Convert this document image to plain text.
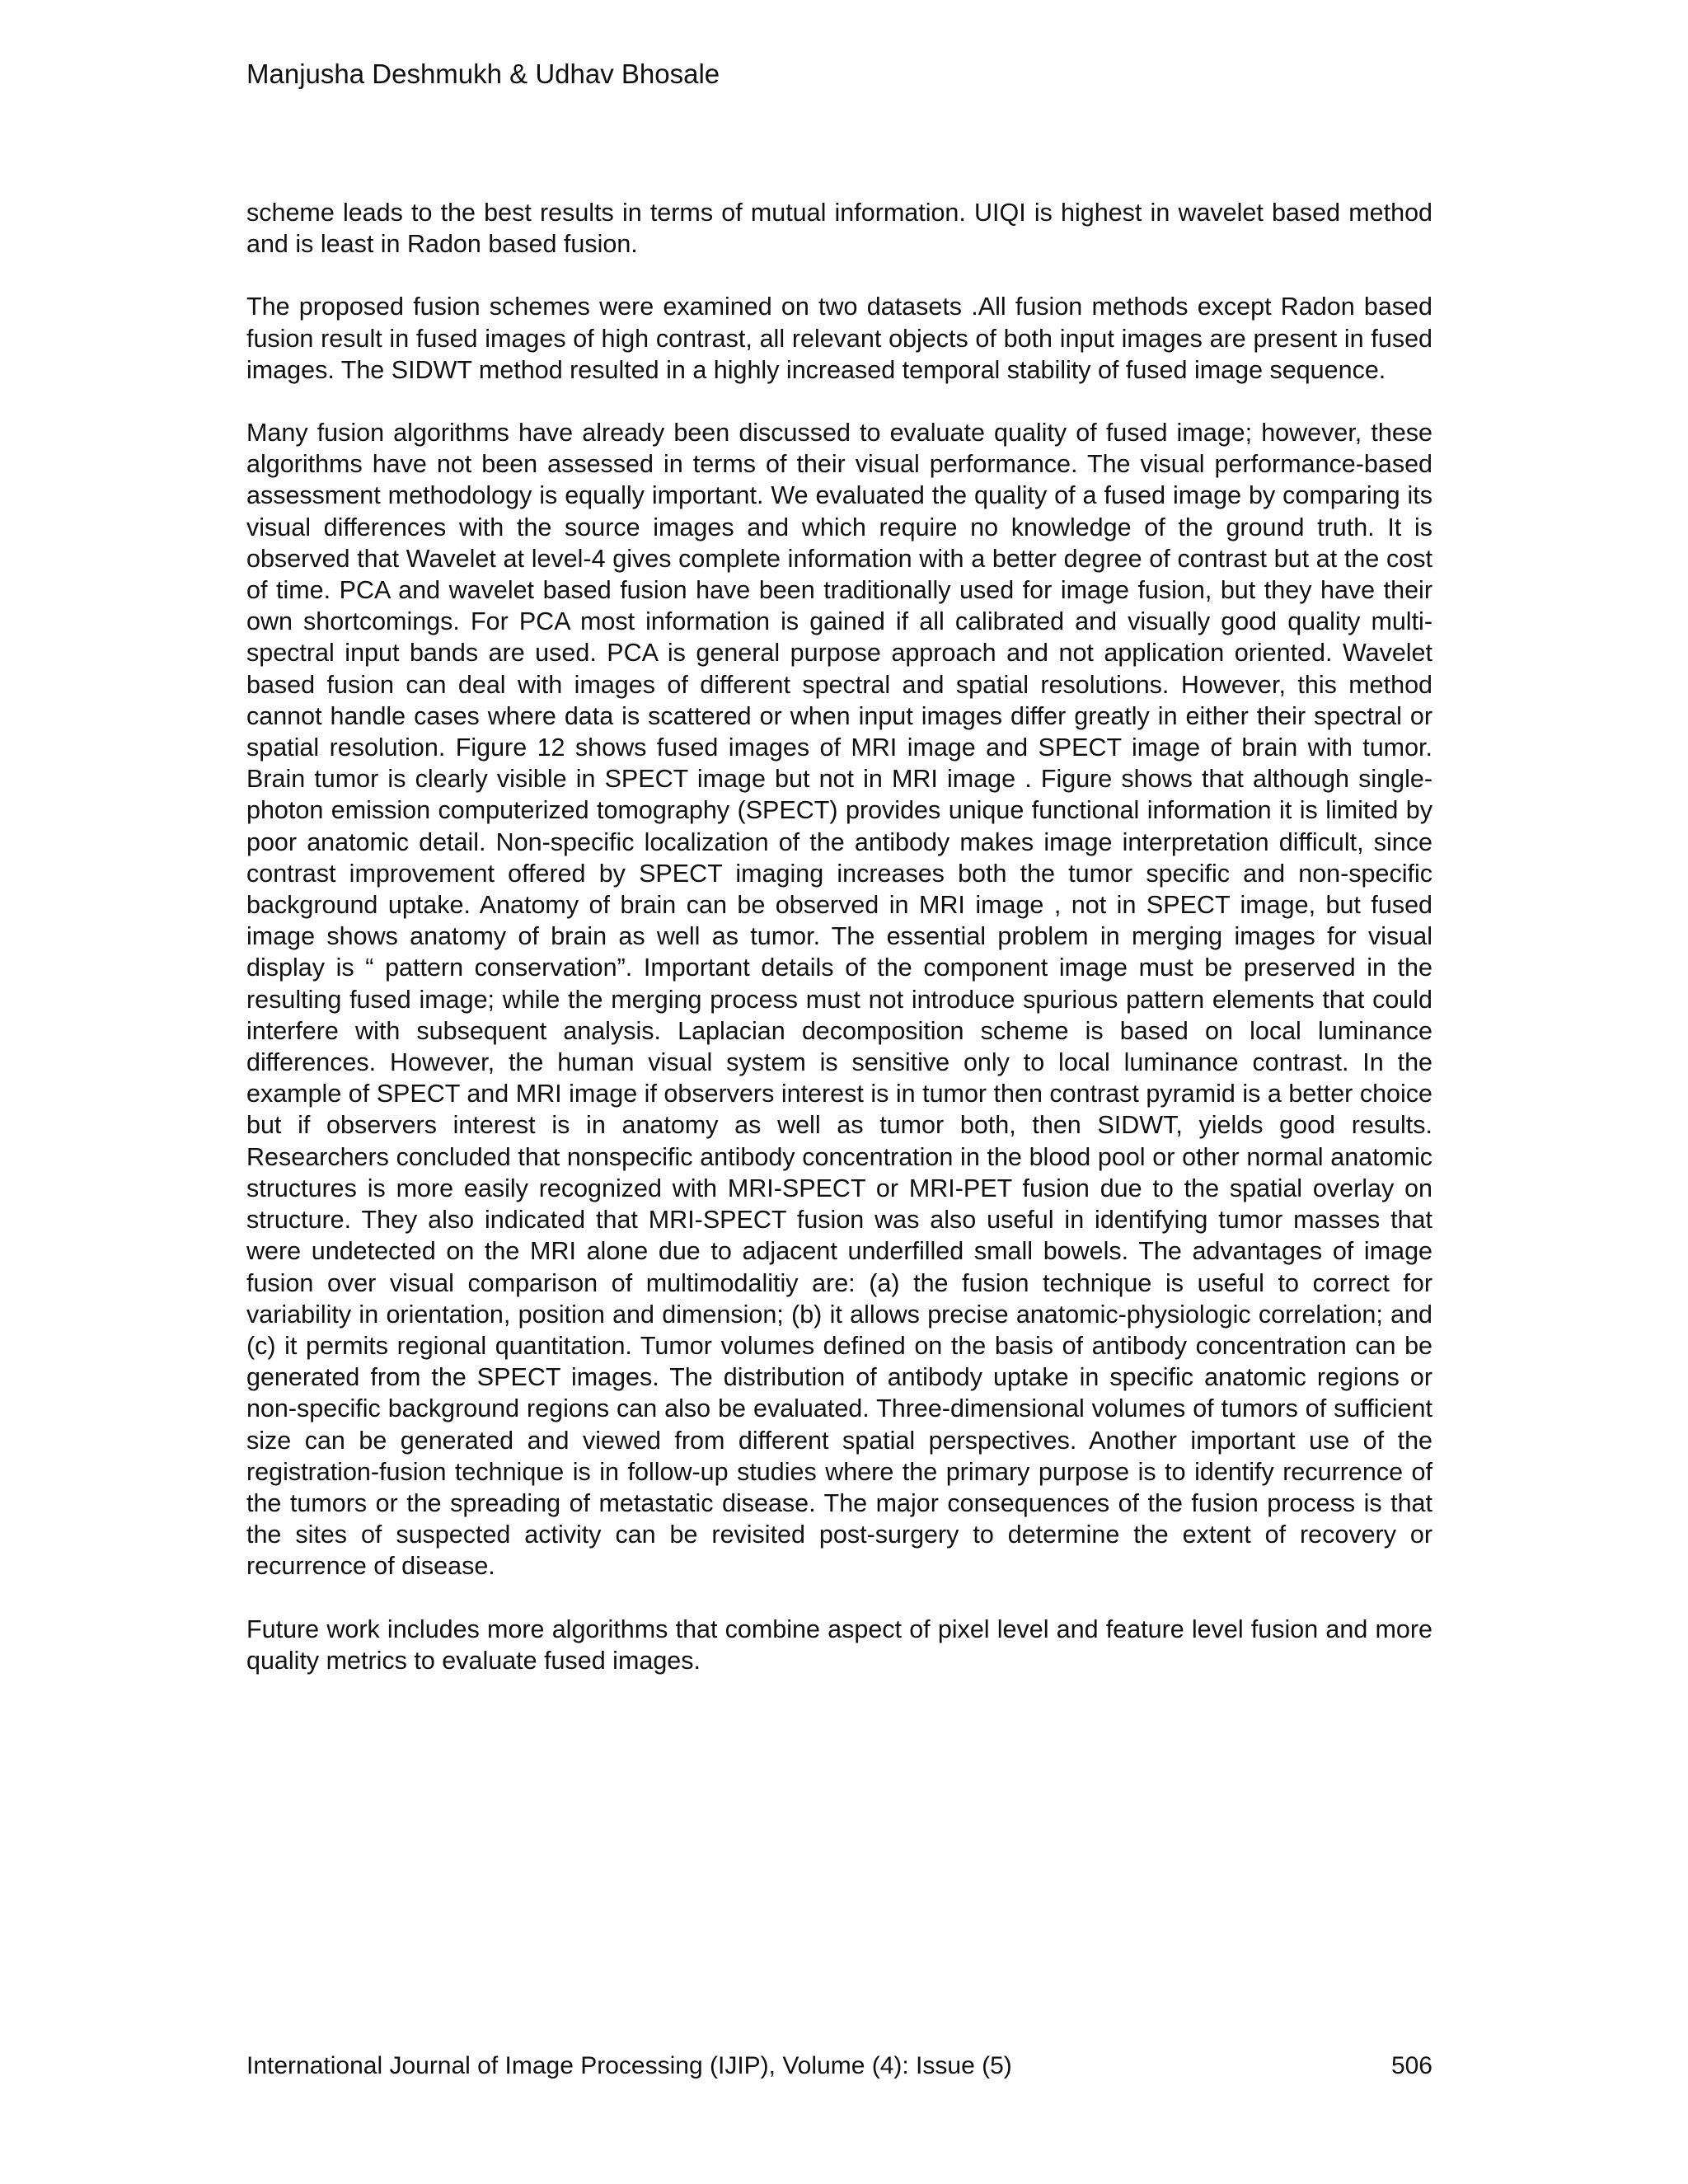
Manjusha Deshmukh & Udhav Bhosale

scheme leads to the best results in terms of mutual information. UIQI is highest in wavelet based method and is least in Radon based fusion.

The proposed fusion schemes were examined on two datasets .All fusion methods except Radon based fusion result in fused images of high contrast, all relevant objects of both input images are present in fused images. The SIDWT method resulted in a highly increased temporal stability of fused image sequence.

Many fusion algorithms have already been discussed to evaluate quality of fused image; however, these algorithms have not been assessed in terms of their visual performance. The visual performance-based assessment methodology is equally important. We evaluated the quality of a fused image by comparing its visual differences with the source images and which require no knowledge of the ground truth. It is observed that Wavelet at level-4 gives complete information with a better degree of contrast but at the cost of time. PCA and wavelet based fusion have been traditionally used for image fusion, but they have their own shortcomings. For PCA most information is gained if all calibrated and visually good quality multi-spectral input bands are used. PCA is general purpose approach and not application oriented. Wavelet based fusion can deal with images of different spectral and spatial resolutions. However, this method cannot handle cases where data is scattered or when input images differ greatly in either their spectral or spatial resolution. Figure 12 shows fused images of MRI image and SPECT image of brain with tumor. Brain tumor is clearly visible in SPECT image but not in MRI image . Figure shows that although single-photon emission computerized tomography (SPECT) provides unique functional information it is limited by poor anatomic detail. Non-specific localization of the antibody makes image interpretation difficult, since contrast improvement offered by SPECT imaging increases both the tumor specific and non-specific background uptake. Anatomy of brain can be observed in MRI image , not in SPECT image, but fused image shows anatomy of brain as well as tumor. The essential problem in merging images for visual display is “ pattern conservation”. Important details of the component image must be preserved in the resulting fused image; while the merging process must not introduce spurious pattern elements that could interfere with subsequent analysis. Laplacian decomposition scheme is based on local luminance differences. However, the human visual system is sensitive only to local luminance contrast. In the example of SPECT and MRI image if observers interest is in tumor then contrast pyramid is a better choice but if observers interest is in anatomy as well as tumor both, then SIDWT, yields good results. Researchers concluded that nonspecific antibody concentration in the blood pool or other normal anatomic structures is more easily recognized with MRI-SPECT or MRI-PET fusion due to the spatial overlay on structure. They also indicated that MRI-SPECT fusion was also useful in identifying tumor masses that were undetected on the MRI alone due to adjacent underfilled small bowels. The advantages of image fusion over visual comparison of multimodalitiy are: (a) the fusion technique is useful to correct for variability in orientation, position and dimension; (b) it allows precise anatomic-physiologic correlation; and (c) it permits regional quantitation. Tumor volumes defined on the basis of antibody concentration can be generated from the SPECT images. The distribution of antibody uptake in specific anatomic regions or non-specific background regions can also be evaluated. Three-dimensional volumes of tumors of sufficient size can be generated and viewed from different spatial perspectives. Another important use of the registration-fusion technique is in follow-up studies where the primary purpose is to identify recurrence of the tumors or the spreading of metastatic disease. The major consequences of the fusion process is that the sites of suspected activity can be revisited post-surgery to determine the extent of recovery or recurrence of disease.

Future work includes more algorithms that combine aspect of pixel level and feature level fusion and more quality metrics to evaluate fused images.

International Journal of Image Processing (IJIP), Volume (4): Issue (5)	506
